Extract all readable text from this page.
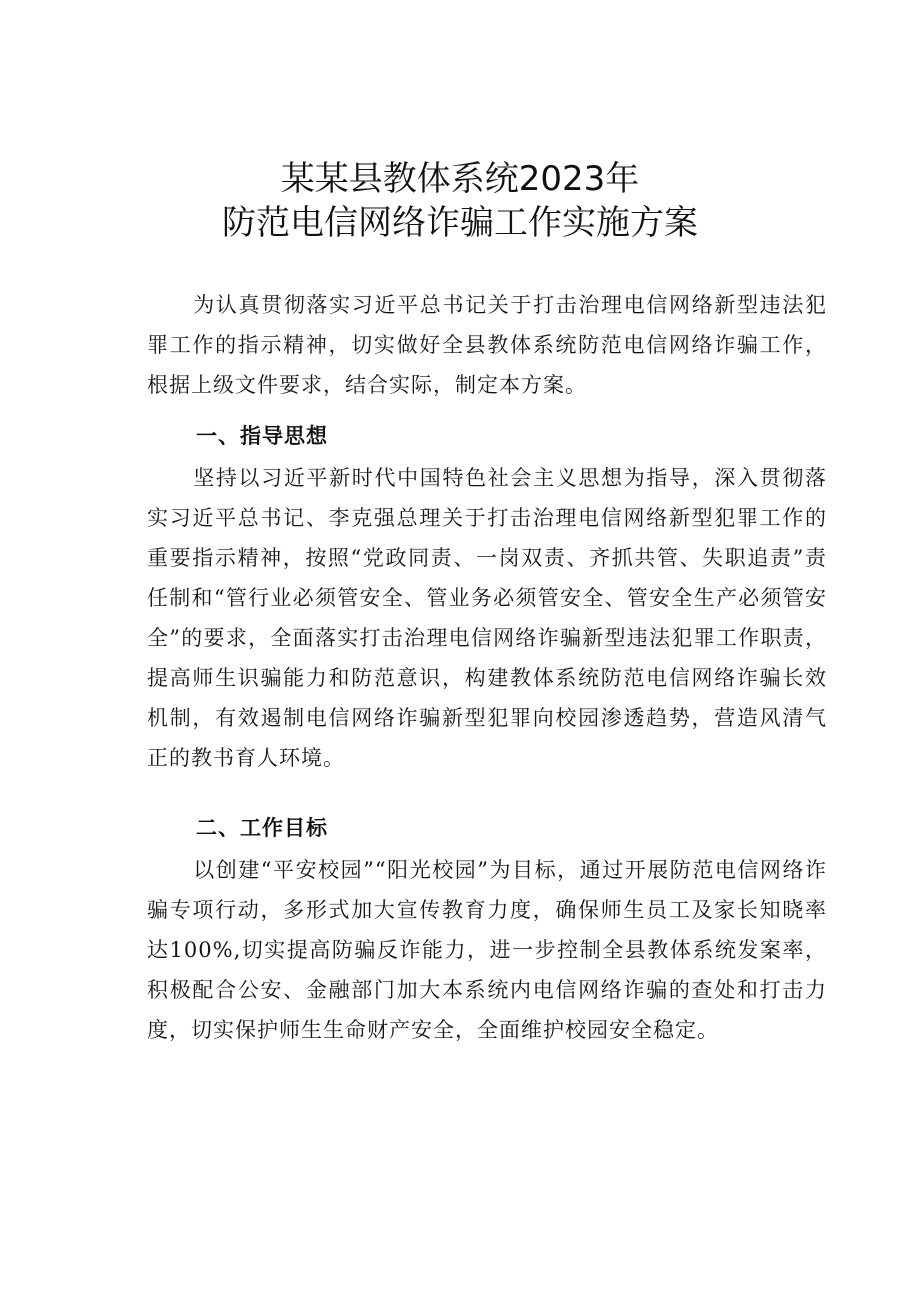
某某县教体系统2023年
防范电信网络诈骗工作实施方案

为认真贯彻落实习近平总书记关于打击治理电信网络新型违法犯罪工作的指示精神，切实做好全县教体系统防范电信网络诈骗工作，根据上级文件要求，结合实际，制定本方案。

一、指导思想

坚持以习近平新时代中国特色社会主义思想为指导，深入贯彻落实习近平总书记、李克强总理关于打击治理电信网络新型犯罪工作的重要指示精神，按照“党政同责、一岗双责、齐抓共管、失职追责”责任制和“管行业必须管安全、管业务必须管安全、管安全生产必须管安全”的要求，全面落实打击治理电信网络诈骗新型违法犯罪工作职责，提高师生识骗能力和防范意识，构建教体系统防范电信网络诈骗长效机制，有效遏制电信网络诈骗新型犯罪向校园渗透趋势，营造风清气正的教书育人环境。

二、工作目标

以创建“平安校园”“阳光校园”为目标，通过开展防范电信网络诈骗专项行动，多形式加大宣传教育力度，确保师生员工及家长知晓率达100%,切实提高防骗反诈能力，进一步控制全县教体系统发案率，积极配合公安、金融部门加大本系统内电信网络诈骗的查处和打击力度，切实保护师生生命财产安全，全面维护校园安全稳定。
